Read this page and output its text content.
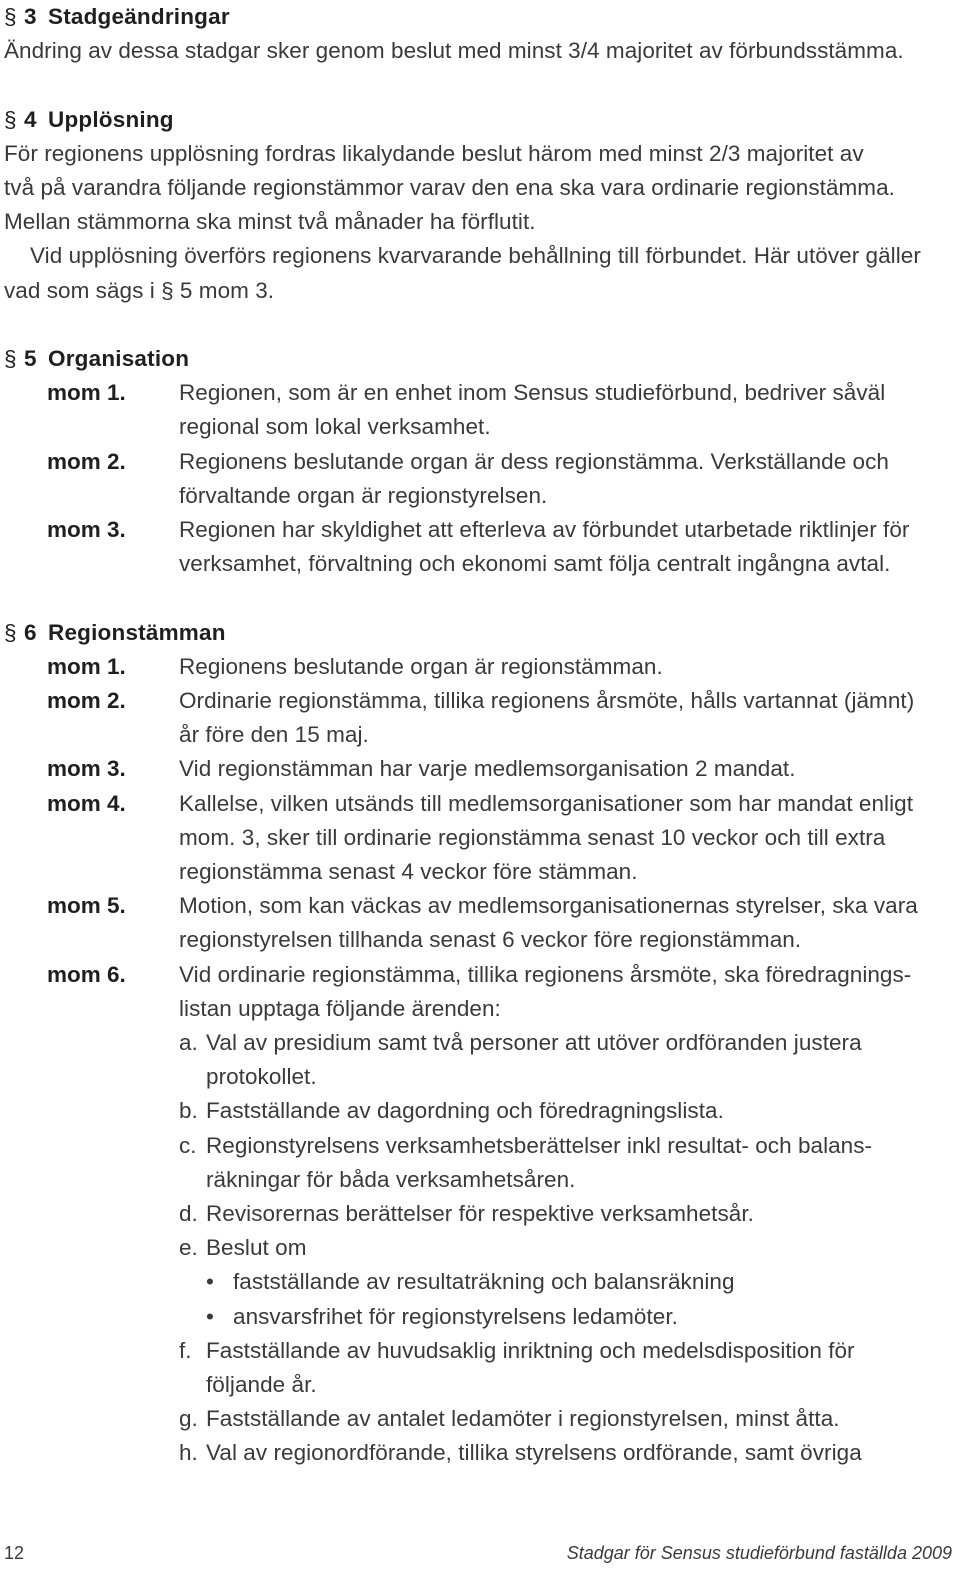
§ 3 Stadgeändringar
Ändring av dessa stadgar sker genom beslut med minst 3/4 majoritet av förbundsstämma.
§ 4 Upplösning
För regionens upplösning fordras likalydande beslut härom med minst 2/3 majoritet av
två på varandra följande regionstämmor varav den ena ska vara ordinarie regionstämma.
Mellan stämmorna ska minst två månader ha förflutit.
Vid upplösning överförs regionens kvarvarande behållning till förbundet. Här utöver gäller
vad som sägs i § 5 mom 3.
§ 5 Organisation
mom 1. Regionen, som är en enhet inom Sensus studieförbund, bedriver såväl
regional som lokal verksamhet.
mom 2. Regionens beslutande organ är dess regionstämma. Verkställande och
förvaltande organ är regionstyrelsen.
mom 3. Regionen har skyldighet att efterleva av förbundet utarbetade riktlinjer för
verksamhet, förvaltning och ekonomi samt följa centralt ingångna avtal.
§ 6 Regionstämman
mom 1. Regionens beslutande organ är regionstämman.
mom 2. Ordinarie regionstämma, tillika regionens årsmöte, hålls vartannat (jämnt)
år före den 15 maj.
mom 3. Vid regionstämman har varje medlemsorganisation 2 mandat.
mom 4. Kallelse, vilken utsänds till medlemsorganisationer som har mandat enligt
mom. 3, sker till ordinarie regionstämma senast 10 veckor och till extra
regionstämma senast 4 veckor före stämman.
mom 5. Motion, som kan väckas av medlemsorganisationernas styrelser, ska vara
regionstyrelsen tillhanda senast 6 veckor före regionstämman.
mom 6. Vid ordinarie regionstämma, tillika regionens årsmöte, ska föredragnings-
listan upptaga följande ärenden:
a. Val av presidium samt två personer att utöver ordföranden justera
protokollet.
b. Fastställande av dagordning och föredragningslista.
c. Regionstyrelsens verksamhetsberättelser inkl resultat- och balans-
räkningar för båda verksamhetsåren.
d. Revisorernas berättelser för respektive verksamhetsår.
e. Beslut om
• fastställande av resultaträkning och balansräkning
• ansvarsfrihet för regionstyrelsens ledamöter.
f. Fastställande av huvudsaklig inriktning och medelsdisposition för
följande år.
g. Fastställande av antalet ledamöter i regionstyrelsen, minst åtta.
h. Val av regionordförande, tillika styrelsens ordförande, samt övriga
12	Stadgar för Sensus studieförbund faställda 2009
